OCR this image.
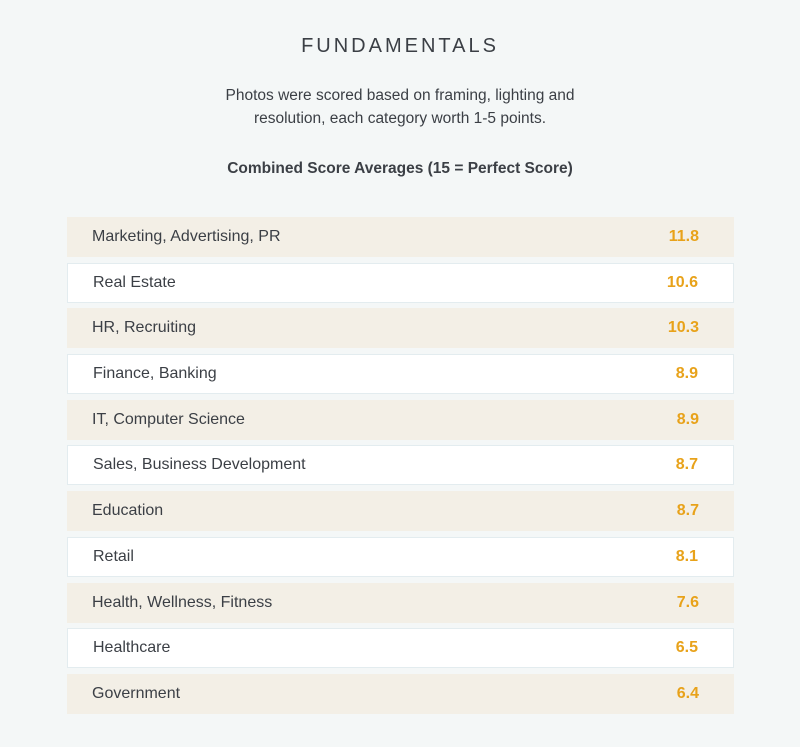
FUNDAMENTALS
Photos were scored based on framing, lighting and resolution, each category worth 1-5 points.
Combined Score Averages (15 = Perfect Score)
Marketing, Advertising, PR	11.8
Real Estate	10.6
HR, Recruiting	10.3
Finance, Banking	8.9
IT, Computer Science	8.9
Sales, Business Development	8.7
Education	8.7
Retail	8.1
Health, Wellness, Fitness	7.6
Healthcare	6.5
Government	6.4
